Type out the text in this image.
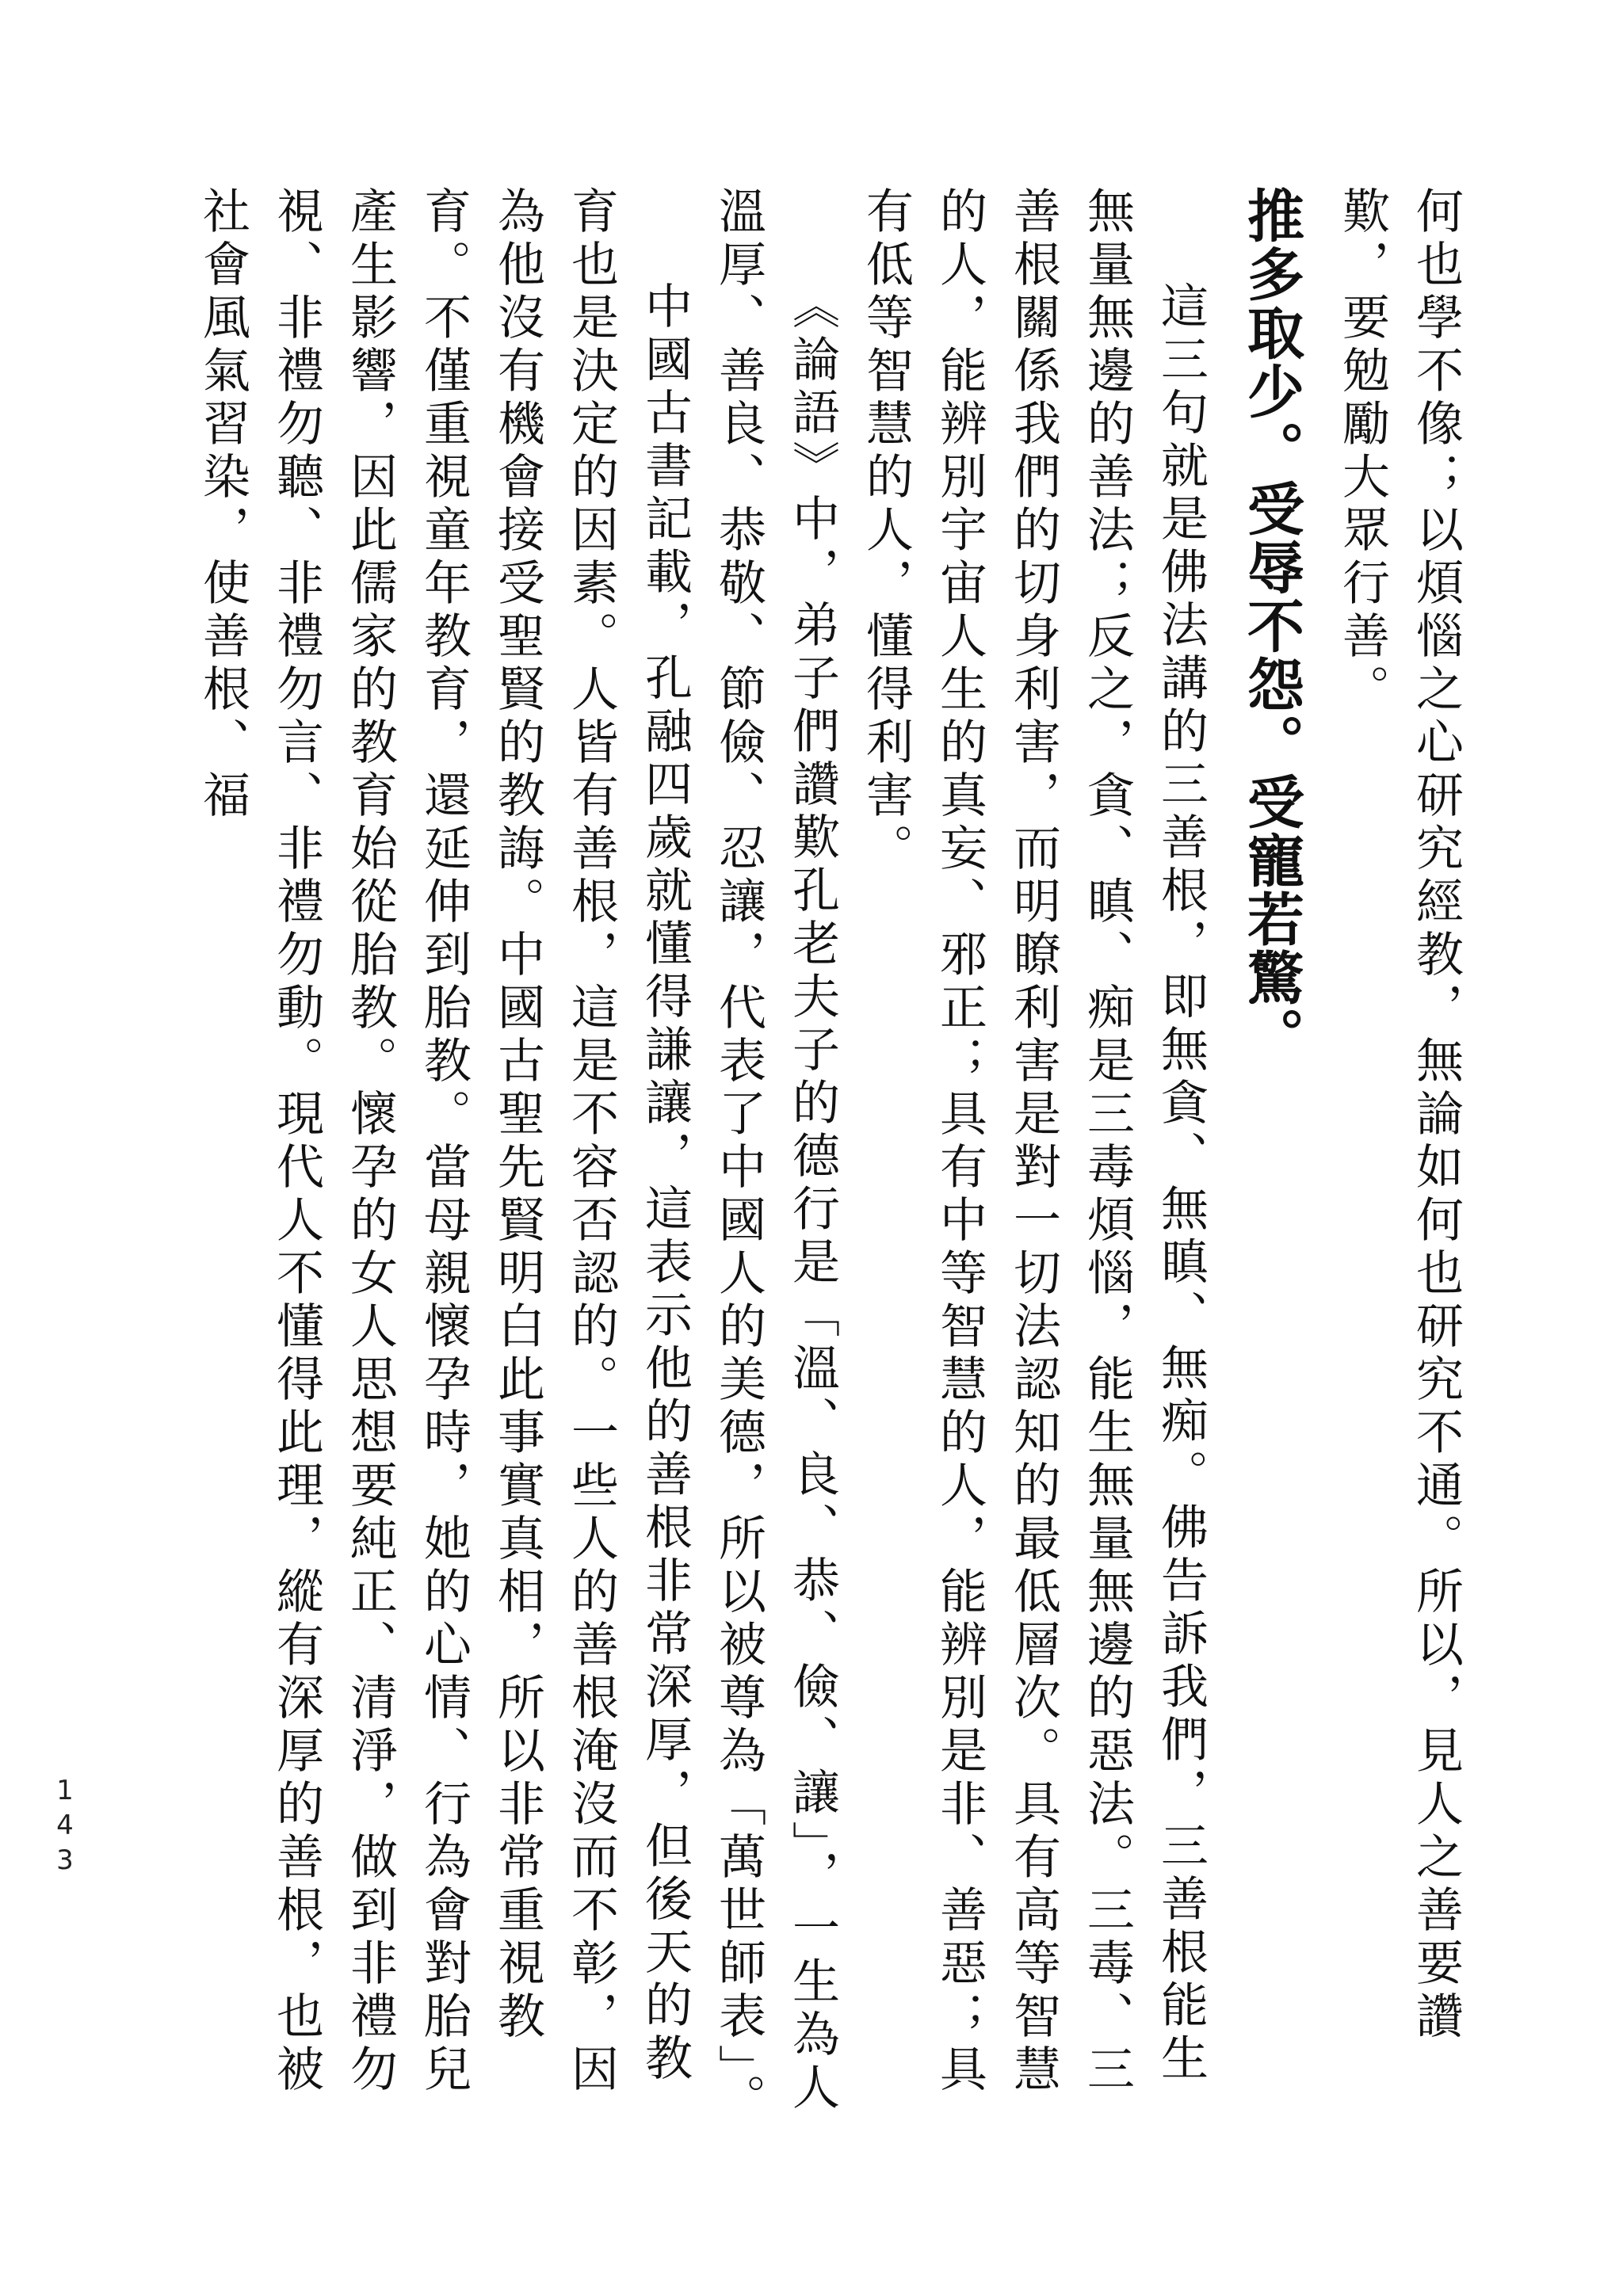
何也學不像；以煩惱之心研究經教，無論如何也研究不通。所以，見人之善要讚歎，要勉勵大眾行善。

推多取少。受辱不怨。受寵若驚。

這三句就是佛法講的三善根，即無貪、無瞋、無痴。佛告訴我們，三善根能生無量無邊的善法；反之，貪、瞋、痴是三毒煩惱，能生無量無邊的惡法。三毒、三善根關係我們的切身利害，而明瞭利害是對一切法認知的最低層次。具有高等智慧的人，能辨別宇宙人生的真妄、邪正；具有中等智慧的人，能辨別是非、善惡；具有低等智慧的人，懂得利害。

《論語》中，弟子們讚歎孔老夫子的德行是「溫、良、恭、儉、讓」，一生為人溫厚、善良、恭敬、節儉、忍讓，代表了中國人的美德，所以被尊為「萬世師表」。

中國古書記載，孔融四歲就懂得謙讓，這表示他的善根非常深厚，但後天的教育也是決定的因素。人皆有善根，這是不容否認的。一些人的善根淹沒而不彰，因為他沒有機會接受聖賢的教誨。中國古聖先賢明白此事實真相，所以非常重視教育。不僅重視童年教育，還延伸到胎教。當母親懷孕時，她的心情、行為會對胎兒產生影響，因此儒家的教育始從胎教。懷孕的女人思想要純正、清淨，做到非禮勿視、非禮勿聽、非禮勿言、非禮勿動。現代人不懂得此理，縱有深厚的善根，也被社會風氣習染，使善根、福

143
